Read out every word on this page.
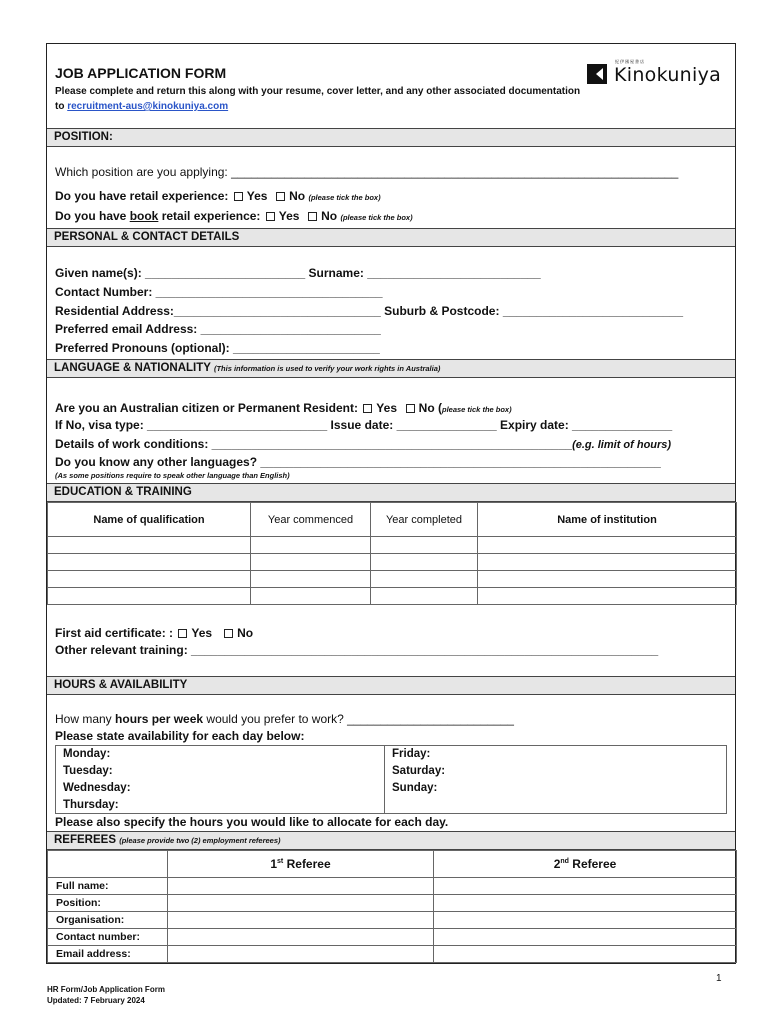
JOB APPLICATION FORM
Please complete and return this along with your resume, cover letter, and any other associated documentation to recruitment-aus@kinokuniya.com
紀伊國屋書店
Kinokuniya
POSITION:
Which position are you applying: ___________________________________________________________________
Do you have retail experience: Yes No (please tick the box)
Do you have book retail experience: Yes No (please tick the box)
PERSONAL & CONTACT DETAILS
Given name(s): ________________________ Surname: __________________________
Contact Number: __________________________________
Residential Address:_______________________________ Suburb & Postcode: ___________________________
Preferred email Address: ___________________________
Preferred Pronouns (optional): ______________________
LANGUAGE & NATIONALITY (This information is used to verify your work rights in Australia)
Are you an Australian citizen or Permanent Resident: Yes No (please tick the box)
If No, visa type: ___________________________ Issue date: _______________ Expiry date: _______________
Details of work conditions: ______________________________________________________(e.g. limit of hours)
Do you know any other languages? ____________________________________________________________
(As some positions require to speak other language than English)
EDUCATION & TRAINING
Name of qualification	Year commenced	Year completed	Name of institution

First aid certificate: : Yes No
Other relevant training: ______________________________________________________________________
HOURS & AVAILABILITY
How many hours per week would you prefer to work? _________________________
Please state availability for each day below:
Monday:	Friday:
Tuesday:	Saturday:
Wednesday:	Sunday:
Thursday:	
Please also specify the hours you would like to allocate for each day.
REFEREES (please provide two (2) employment referees)
	1st Referee	2nd Referee
Full name:		
Position:		
Organisation:		
Contact number:		
Email address:		
1
HR Form/Job Application Form
Updated: 7 February 2024
